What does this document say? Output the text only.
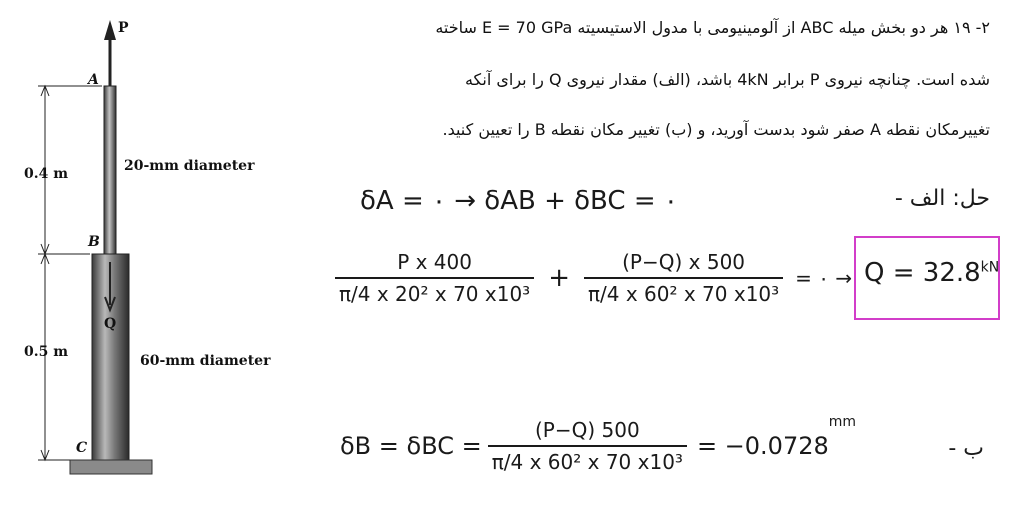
P
A
B
C
Q
0.4 m
0.5 m
20-mm diameter
60-mm diameter
۲- ۱۹ هر دو بخش میله ABC از آلومینیومی با مدول الاستیسیته E = 70 GPa ساخته
شده است. چنانچه نیروی P برابر 4kN باشد، (الف) مقدار نیروی Q را برای آنکه
تغییرمکان نقطه A صفر شود بدست آورید، و (ب) تغییر مکان نقطه B را تعیین کنید.
حل: الف -
δA = ۰ → δAB + δBC = ۰
$\frac{\text{P x 400}}{\text{π/4 x 20² x 70 x10³}} + \frac{(P-Q) x 500}{\text{π/4 x 60² x 70 x10³}}$ = ۰ → $Q = 32.8^{kN}$
$\delta B = \delta BC = \frac{(P-Q) 500}{\text{π/4 x 60² x 70 x10³}} = -0.0728$
mm
ب -
